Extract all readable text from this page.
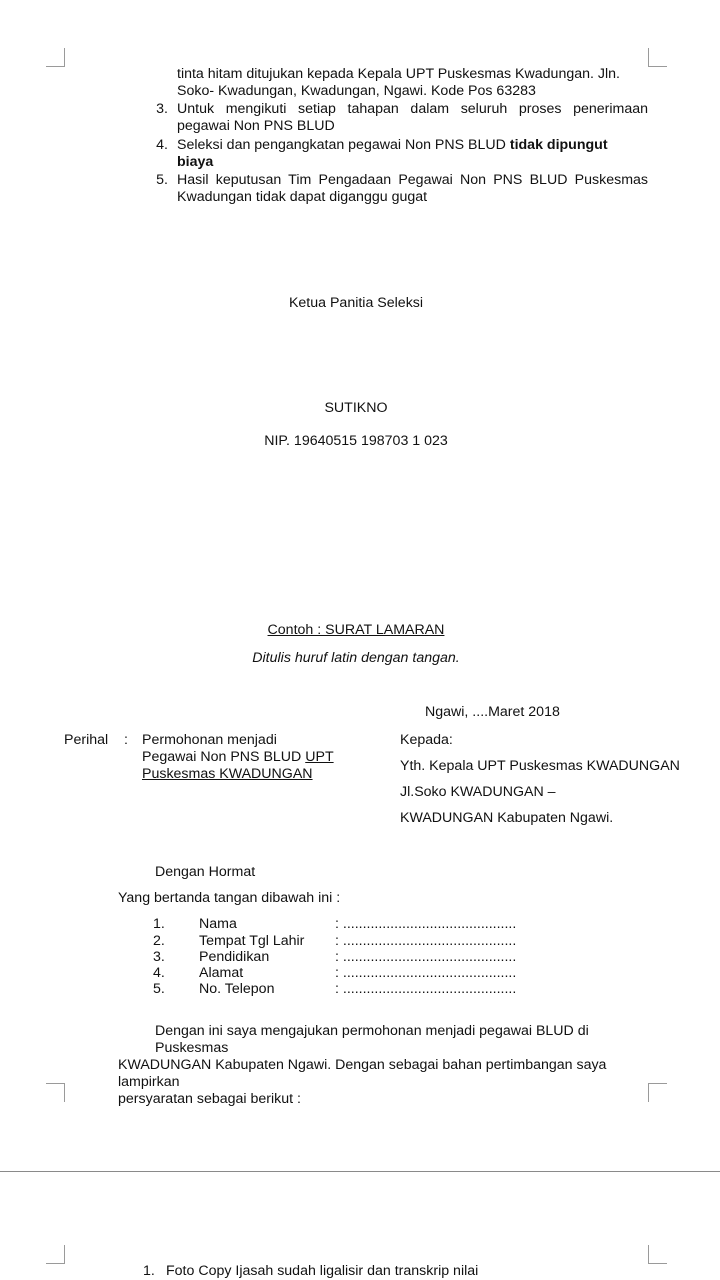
tinta hitam ditujukan kepada Kepala UPT Puskesmas Kwadungan. Jln.
Soko- Kwadungan, Kwadungan, Ngawi. Kode Pos 63283
3. Untuk mengikuti setiap tahapan dalam seluruh proses penerimaan
pegawai Non PNS BLUD
4. Seleksi dan pengangkatan pegawai Non PNS BLUD tidak dipungut
biaya
5. Hasil keputusan Tim Pengadaan Pegawai Non PNS BLUD Puskesmas
Kwadungan tidak dapat diganggu gugat
Ketua Panitia Seleksi
SUTIKNO
NIP. 19640515 198703 1 023
Contoh : SURAT LAMARAN
Ditulis huruf latin dengan tangan.
Ngawi, ....Maret 2018
Perihal : Permohonan menjadi
Pegawai Non PNS BLUD UPT
Puskesmas KWADUNGAN
Kepada:
Yth. Kepala UPT Puskesmas KWADUNGAN
Jl.Soko KWADUNGAN –
KWADUNGAN Kabupaten Ngawi.
Dengan Hormat
Yang bertanda tangan dibawah ini :
1.	Nama	: ............................................
2.	Tempat Tgl Lahir : ............................................
3.	Pendidikan	: ............................................
4.	Alamat	: ............................................
5.	No. Telepon	: ............................................
Dengan ini saya mengajukan permohonan menjadi pegawai BLUD di Puskesmas
KWADUNGAN Kabupaten Ngawi. Dengan sebagai bahan pertimbangan saya lampirkan
persyaratan sebagai berikut :
1. Foto Copy Ijasah sudah ligalisir dan transkrip nilai
